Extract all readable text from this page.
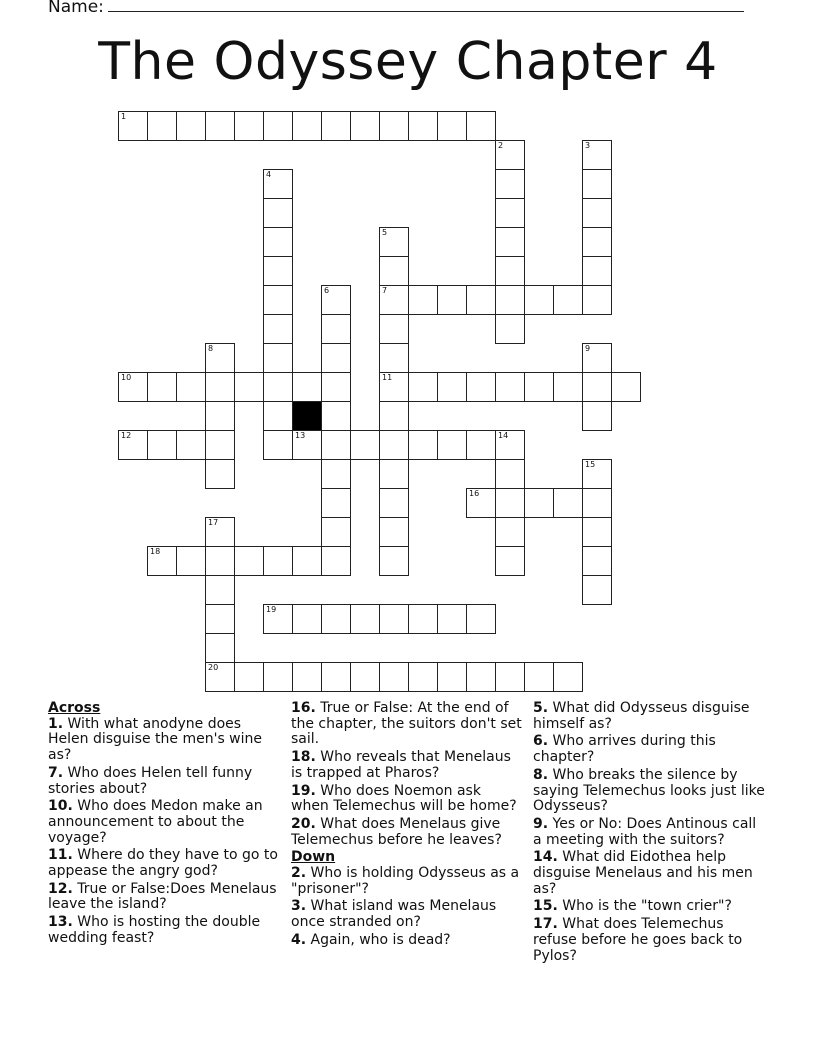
Name:
The Odyssey Chapter 4
1
2	3
4
5
7
11
6
8	9
10
12	13	14
15
16
17
20
18
19

Across

1. With what anodyne does Helen disguise the men's wine as?

7. Who does Helen tell funny stories about?

10. Who does Medon make an announcement to about the voyage?

11. Where do they have to go to appease the angry god?

12. True or False:Does Menelaus leave the island?

13. Who is hosting the double wedding feast?

16. True or False: At the end of the chapter, the suitors don't set sail.

18. Who reveals that Menelaus is trapped at Pharos?

19. Who does Noemon ask when Telemechus will be home?

20. What does Menelaus give Telemechus before he leaves?

Down

2. Who is holding Odysseus as a "prisoner"?

3. What island was Menelaus once stranded on?

4. Again, who is dead?

5. What did Odysseus disguise himself as?

6. Who arrives during this chapter?

8. Who breaks the silence by saying Telemechus looks just like Odysseus?

9. Yes or No: Does Antinous call a meeting with the suitors?

14. What did Eidothea help disguise Menelaus and his men as?

15. Who is the "town crier"?

17. What does Telemechus refuse before he goes back to Pylos?
